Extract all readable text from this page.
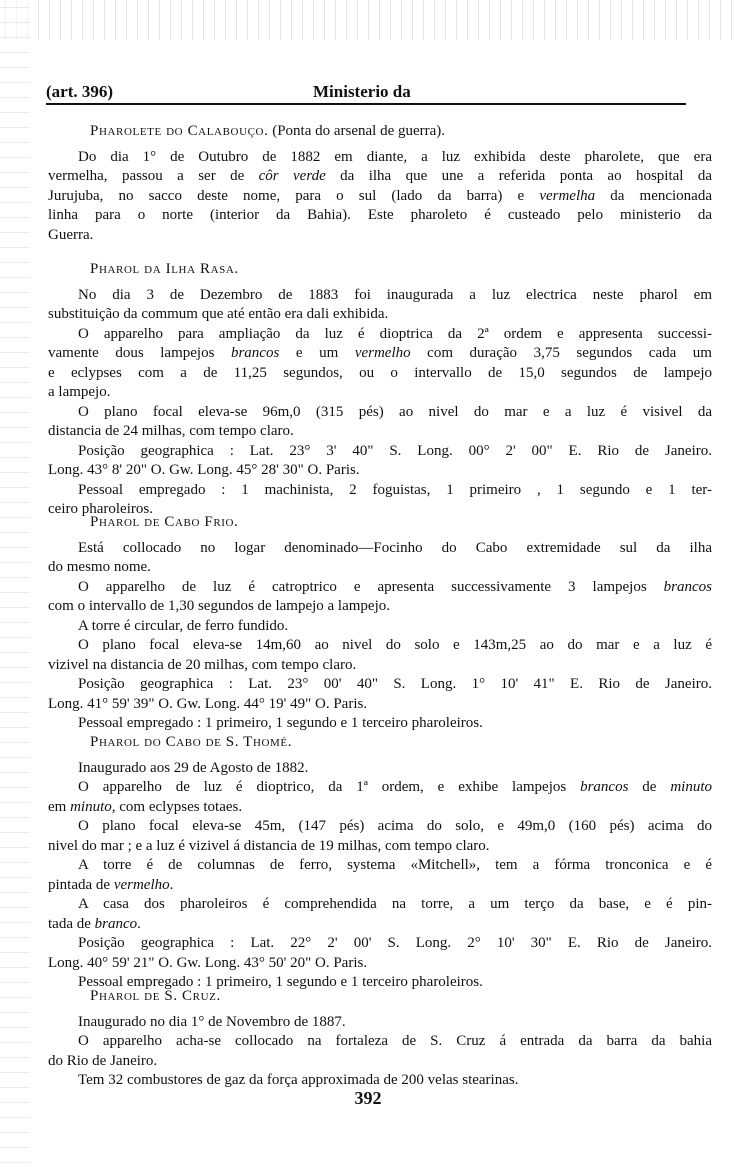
(art. 396)	Ministerio da
Pharolete do Calabouço. (Ponta do arsenal de guerra).
Do dia 1° de Outubro de 1882 em diante, a luz exhibida deste pharolete, que era
vermelha, passou a ser de côr verde da ilha que une a referida ponta ao hospital da
Jurujuba, no sacco deste nome, para o sul (lado da barra) e vermelha da mencionada
linha para o norte (interior da Bahia). Este pharoleto é custeado pelo ministerio da
Guerra.
Pharol da Ilha Rasa.
No dia 3 de Dezembro de 1883 foi inaugurada a luz electrica neste pharol em
substituição da commum que até então era dali exhibida.
O apparelho para ampliação da luz é dioptrica da 2ª ordem e appresenta successi-
vamente dous lampejos brancos e um vermelho com duração 3,75 segundos cada um
e eclypses com a de 11,25 segundos, ou o intervallo de 15,0 segundos de lampejo
a lampejo.
O plano focal eleva-se 96m,0 (315 pés) ao nivel do mar e a luz é visivel da
distancia de 24 milhas, com tempo claro.
Posição geographica : Lat. 23° 3' 40" S. Long. 00° 2' 00" E. Rio de Janeiro.
Long. 43° 8' 20" O. Gw. Long. 45° 28' 30" O. Paris.
Pessoal empregado : 1 machinista, 2 foguistas, 1 primeiro , 1 segundo e 1 ter-
ceiro pharoleiros.
Pharol de Cabo Frio.
Está collocado no logar denominado—Focinho do Cabo extremidade sul da ilha
do mesmo nome.
O apparelho de luz é catroptrico e apresenta successivamente 3 lampejos brancos
com o intervallo de 1,30 segundos de lampejo a lampejo.
A torre é circular, de ferro fundido.
O plano focal eleva-se 14m,60 ao nivel do solo e 143m,25 ao do mar e a luz é
vizivel na distancia de 20 milhas, com tempo claro.
Posição geographica : Lat. 23° 00' 40" S. Long. 1° 10' 41" E. Rio de Janeiro.
Long. 41° 59' 39" O. Gw. Long. 44° 19' 49" O. Paris.
Pessoal empregado : 1 primeiro, 1 segundo e 1 terceiro pharoleiros.
Pharol do Cabo de S. Thomé.
Inaugurado aos 29 de Agosto de 1882.
O apparelho de luz é dioptrico, da 1ª ordem, e exhibe lampejos brancos de minuto
em minuto, com eclypses totaes.
O plano focal eleva-se 45m, (147 pés) acima do solo, e 49m,0 (160 pés) acima do
nivel do mar ; e a luz é vizivel á distancia de 19 milhas, com tempo claro.
A torre é de columnas de ferro, systema «Mitchell», tem a fórma tronconica e é
pintada de vermelho.
A casa dos pharoleiros é comprehendida na torre, a um terço da base, e é pin-
tada de branco.
Posição geographica : Lat. 22° 2' 00' S. Long. 2° 10' 30" E. Rio de Janeiro.
Long. 40° 59' 21" O. Gw. Long. 43° 50' 20" O. Paris.
Pessoal empregado : 1 primeiro, 1 segundo e 1 terceiro pharoleiros.
Pharol de S. Cruz.
Inaugurado no dia 1° de Novembro de 1887.
O apparelho acha-se collocado na fortaleza de S. Cruz á entrada da barra da bahia
do Rio de Janeiro.
Tem 32 combustores de gaz da força approximada de 200 velas stearinas.
392
